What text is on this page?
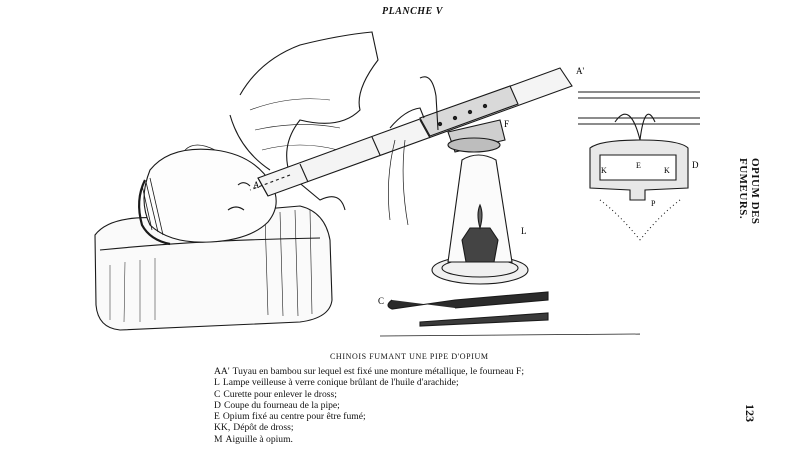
PLANCHE V
A
A'
F
L
C
D
K	K
E
P
CHINOIS FUMANT UNE PIPE D'OPIUM
AA' Tuyau en bambou sur lequel est fixé une monture métallique, le fourneau F;
L Lampe veilleuse à verre conique brûlant de l'huile d'arachide;
C Curette pour enlever le dross;
D Coupe du fourneau de la pipe;
E Opium fixé au centre pour être fumé;
KK, Dépôt de dross;
M Aiguille à opium.
OPIUM DES FUMEURS.
123
